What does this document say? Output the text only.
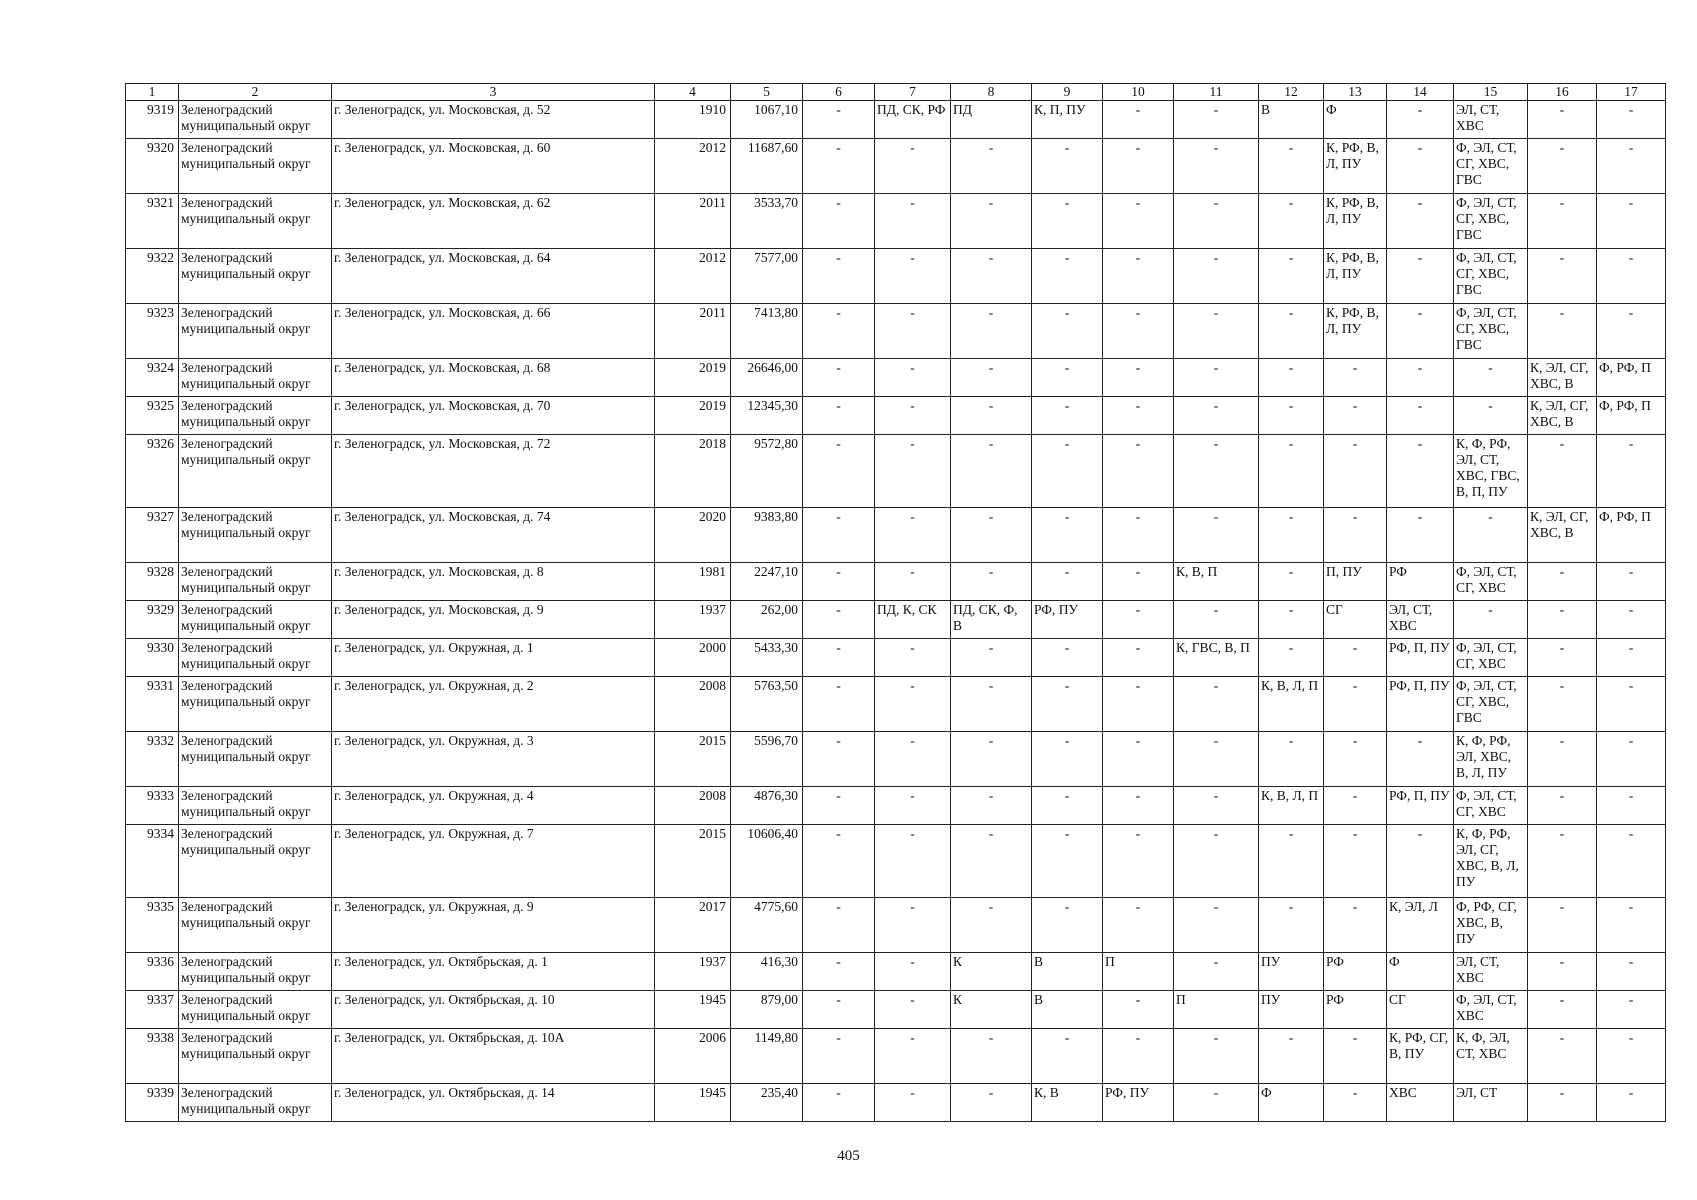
1	2	3	4	5	6	7	8	9	10	11	12	13	14	15	16	17
9319	Зеленоградский муниципальный округ	г. Зеленоградск, ул. Московская, д. 52	1910	1067,10	-	ПД, СК, РФ	ПД	К, П, ПУ	-	-	В	Ф	-	ЭЛ, СТ, ХВС	-	-
9320	Зеленоградский муниципальный округ	г. Зеленоградск, ул. Московская, д. 60	2012	11687,60	-	-	-	-	-	-	-	К, РФ, В, Л, ПУ	-	Ф, ЭЛ, СТ, СГ, ХВС, ГВС	-	-
9321	Зеленоградский муниципальный округ	г. Зеленоградск, ул. Московская, д. 62	2011	3533,70	-	-	-	-	-	-	-	К, РФ, В, Л, ПУ	-	Ф, ЭЛ, СТ, СГ, ХВС, ГВС	-	-
9322	Зеленоградский муниципальный округ	г. Зеленоградск, ул. Московская, д. 64	2012	7577,00	-	-	-	-	-	-	-	К, РФ, В, Л, ПУ	-	Ф, ЭЛ, СТ, СГ, ХВС, ГВС	-	-
9323	Зеленоградский муниципальный округ	г. Зеленоградск, ул. Московская, д. 66	2011	7413,80	-	-	-	-	-	-	-	К, РФ, В, Л, ПУ	-	Ф, ЭЛ, СТ, СГ, ХВС, ГВС	-	-
9324	Зеленоградский муниципальный округ	г. Зеленоградск, ул. Московская, д. 68	2019	26646,00	-	-	-	-	-	-	-	-	-	-	К, ЭЛ, СГ, ХВС, В	Ф, РФ, П
9325	Зеленоградский муниципальный округ	г. Зеленоградск, ул. Московская, д. 70	2019	12345,30	-	-	-	-	-	-	-	-	-	-	К, ЭЛ, СГ, ХВС, В	Ф, РФ, П
9326	Зеленоградский муниципальный округ	г. Зеленоградск, ул. Московская, д. 72	2018	9572,80	-	-	-	-	-	-	-	-	-	К, Ф, РФ, ЭЛ, СТ, ХВС, ГВС, В, П, ПУ	-	-
9327	Зеленоградский муниципальный округ	г. Зеленоградск, ул. Московская, д. 74	2020	9383,80	-	-	-	-	-	-	-	-	-	-	К, ЭЛ, СГ, ХВС, В	Ф, РФ, П
9328	Зеленоградский муниципальный округ	г. Зеленоградск, ул. Московская, д. 8	1981	2247,10	-	-	-	-	-	К, В, П	-	П, ПУ	РФ	Ф, ЭЛ, СТ, СГ, ХВС	-	-
9329	Зеленоградский муниципальный округ	г. Зеленоградск, ул. Московская, д. 9	1937	262,00	-	ПД, К, СК	ПД, СК, Ф, В	РФ, ПУ	-	-	-	СГ	ЭЛ, СТ, ХВС	-	-	-
9330	Зеленоградский муниципальный округ	г. Зеленоградск, ул. Окружная, д. 1	2000	5433,30	-	-	-	-	-	К, ГВС, В, П	-	-	РФ, П, ПУ	Ф, ЭЛ, СТ, СГ, ХВС	-	-
9331	Зеленоградский муниципальный округ	г. Зеленоградск, ул. Окружная, д. 2	2008	5763,50	-	-	-	-	-	-	К, В, Л, П	-	РФ, П, ПУ	Ф, ЭЛ, СТ, СГ, ХВС, ГВС	-	-
9332	Зеленоградский муниципальный округ	г. Зеленоградск, ул. Окружная, д. 3	2015	5596,70	-	-	-	-	-	-	-	-	-	К, Ф, РФ, ЭЛ, ХВС, В, Л, ПУ	-	-
9333	Зеленоградский муниципальный округ	г. Зеленоградск, ул. Окружная, д. 4	2008	4876,30	-	-	-	-	-	-	К, В, Л, П	-	РФ, П, ПУ	Ф, ЭЛ, СТ, СГ, ХВС	-	-
9334	Зеленоградский муниципальный округ	г. Зеленоградск, ул. Окружная, д. 7	2015	10606,40	-	-	-	-	-	-	-	-	-	К, Ф, РФ, ЭЛ, СГ, ХВС, В, Л, ПУ	-	-
9335	Зеленоградский муниципальный округ	г. Зеленоградск, ул. Окружная, д. 9	2017	4775,60	-	-	-	-	-	-	-	-	К, ЭЛ, Л	Ф, РФ, СГ, ХВС, В, ПУ	-	-
9336	Зеленоградский муниципальный округ	г. Зеленоградск, ул. Октябрьская, д. 1	1937	416,30	-	-	К	В	П	-	ПУ	РФ	Ф	ЭЛ, СТ, ХВС	-	-
9337	Зеленоградский муниципальный округ	г. Зеленоградск, ул. Октябрьская, д. 10	1945	879,00	-	-	К	В	-	П	ПУ	РФ	СГ	Ф, ЭЛ, СТ, ХВС	-	-
9338	Зеленоградский муниципальный округ	г. Зеленоградск, ул. Октябрьская, д. 10А	2006	1149,80	-	-	-	-	-	-	-	-	К, РФ, СГ, В, ПУ	К, Ф, ЭЛ, СТ, ХВС	-	-
9339	Зеленоградский муниципальный округ	г. Зеленоградск, ул. Октябрьская, д. 14	1945	235,40	-	-	-	К, В	РФ, ПУ	-	Ф	-	ХВС	ЭЛ, СТ	-	-
405
